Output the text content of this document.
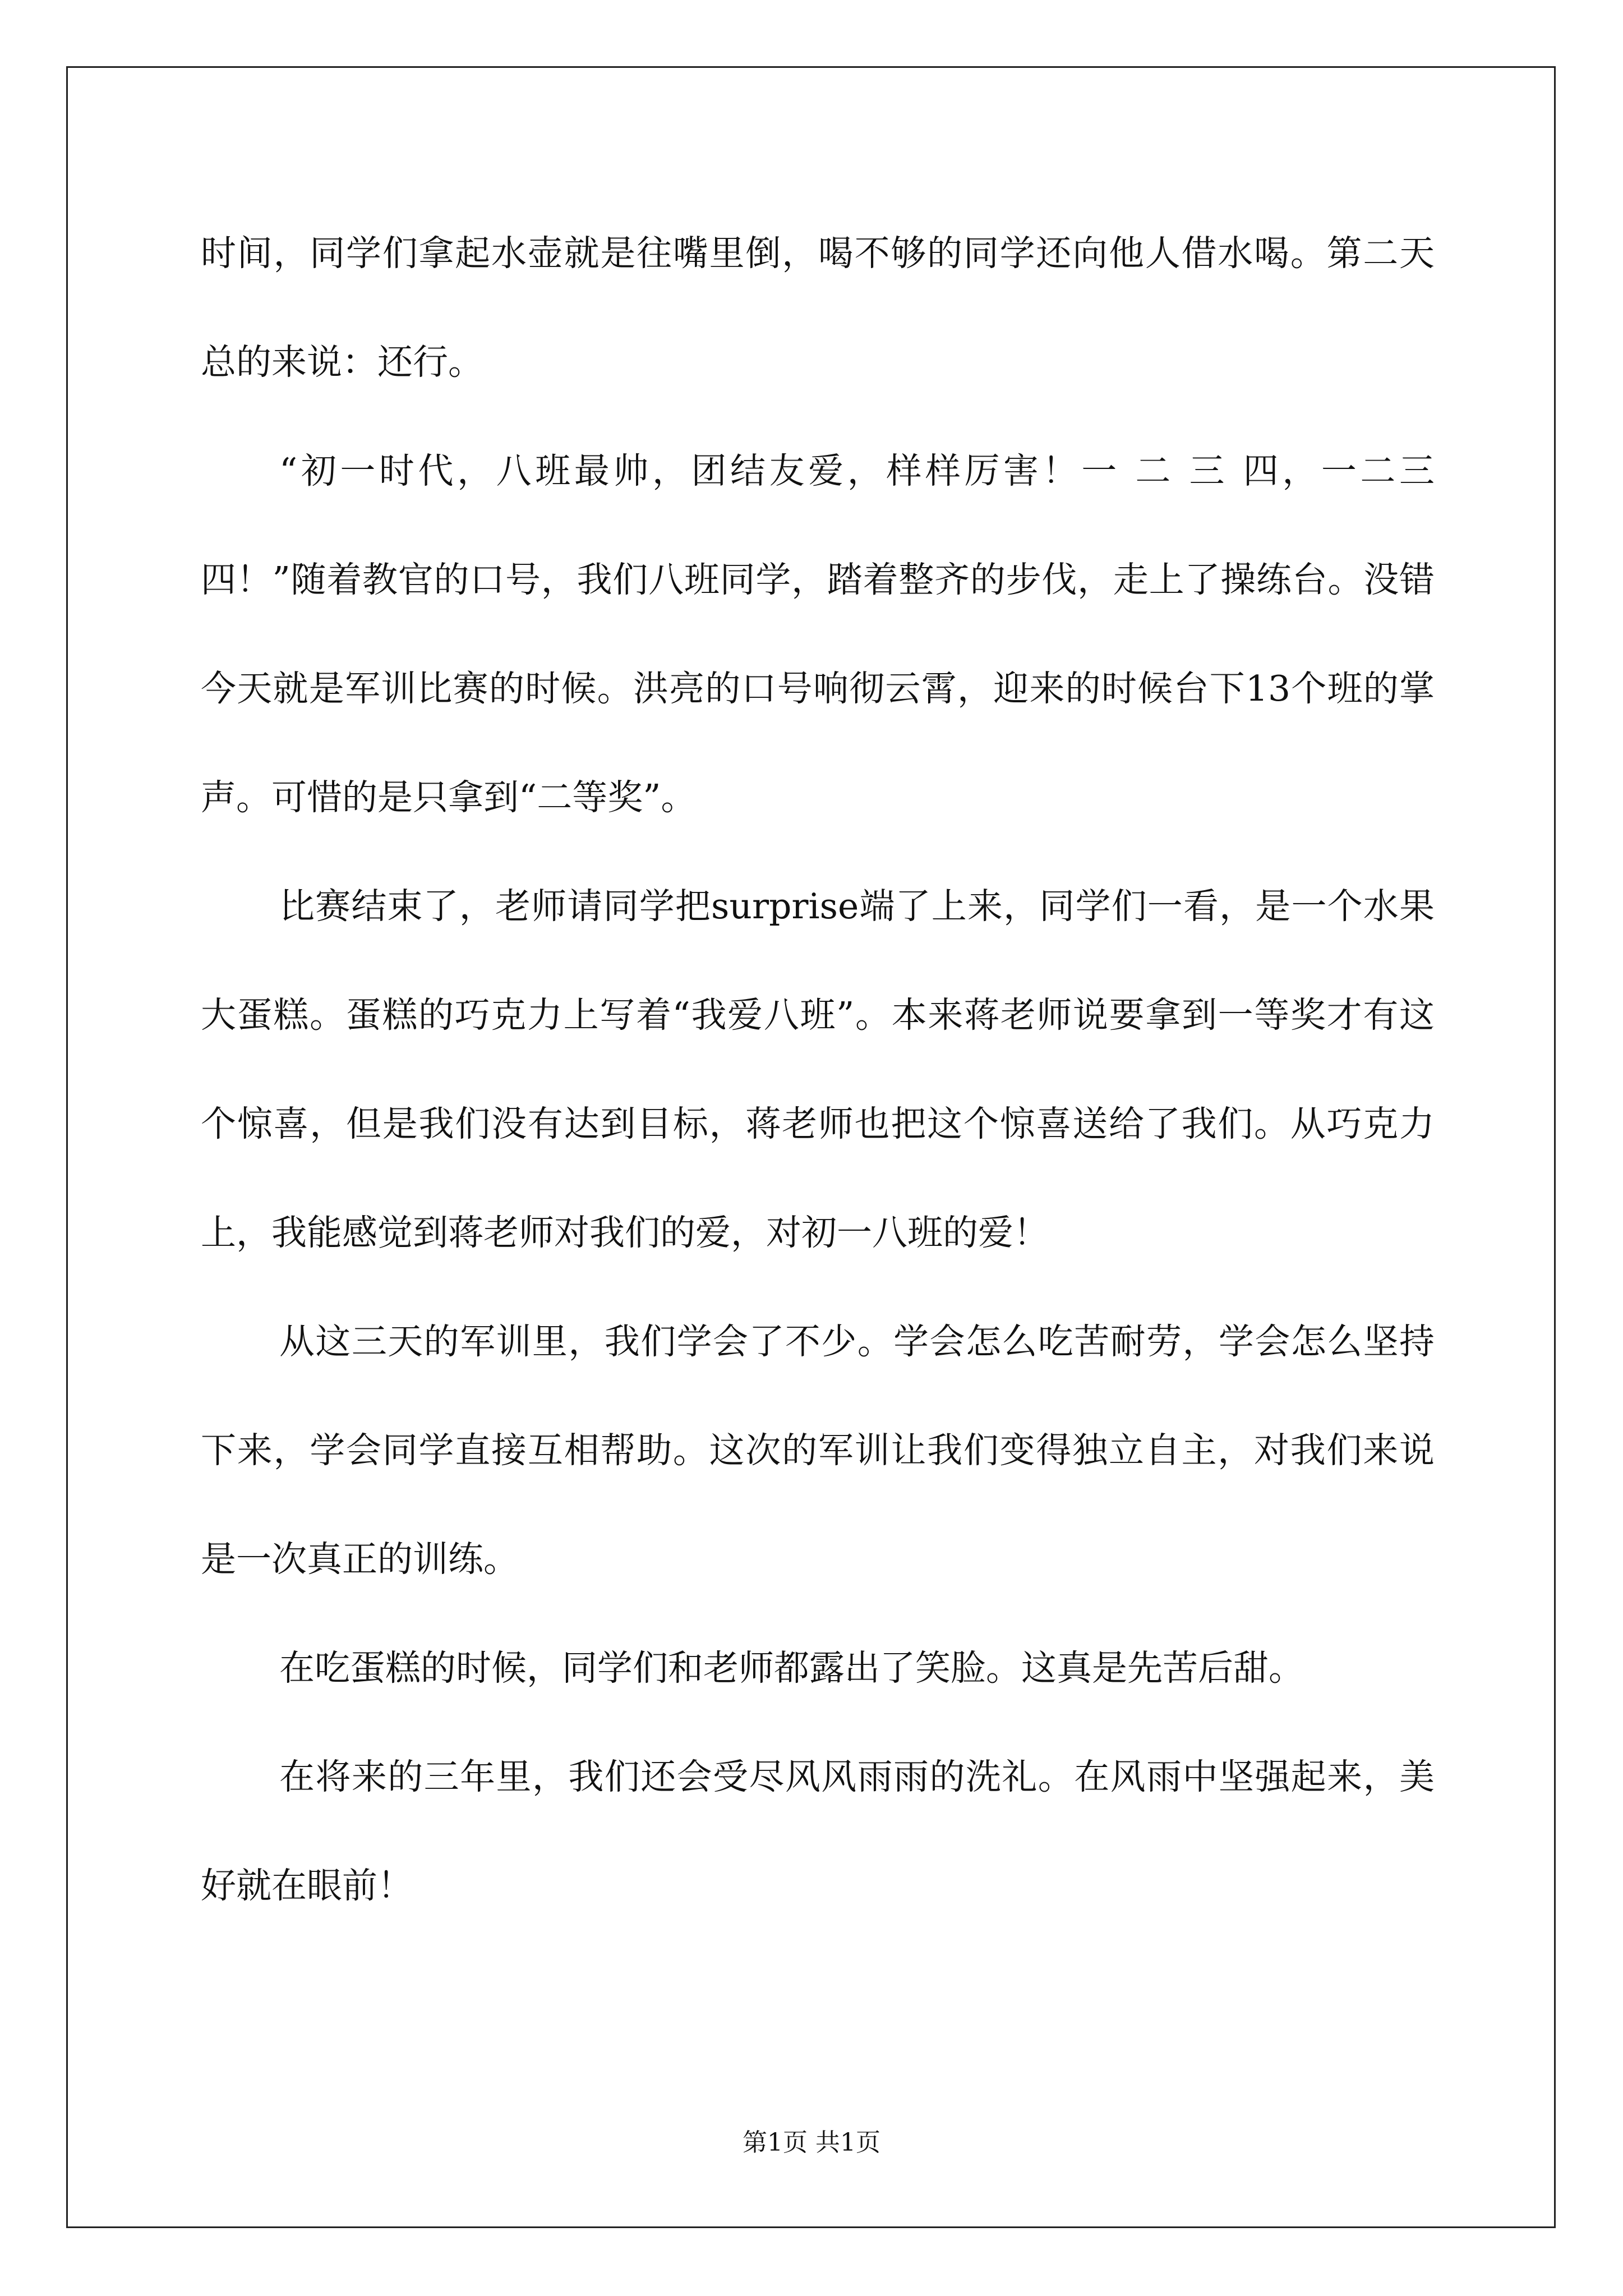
时间，同学们拿起水壶就是往嘴里倒，喝不够的同学还向他人借水喝。第二天总的来说：还行。

“初一时代，八班最帅，团结友爱，样样厉害！一 二 三 四，一二三四！”随着教官的口号，我们八班同学，踏着整齐的步伐，走上了操练台。没错今天就是军训比赛的时候。洪亮的口号响彻云霄，迎来的时候台下13个班的掌声。可惜的是只拿到“二等奖”。

比赛结束了，老师请同学把surprise端了上来，同学们一看，是一个水果大蛋糕。蛋糕的巧克力上写着“我爱八班”。本来蒋老师说要拿到一等奖才有这个惊喜，但是我们没有达到目标，蒋老师也把这个惊喜送给了我们。从巧克力上，我能感觉到蒋老师对我们的爱，对初一八班的爱！

从这三天的军训里，我们学会了不少。学会怎么吃苦耐劳，学会怎么坚持下来，学会同学直接互相帮助。这次的军训让我们变得独立自主，对我们来说是一次真正的训练。

在吃蛋糕的时候，同学们和老师都露出了笑脸。这真是先苦后甜。

在将来的三年里，我们还会受尽风风雨雨的洗礼。在风雨中坚强起来，美好就在眼前！

第1页 共1页
